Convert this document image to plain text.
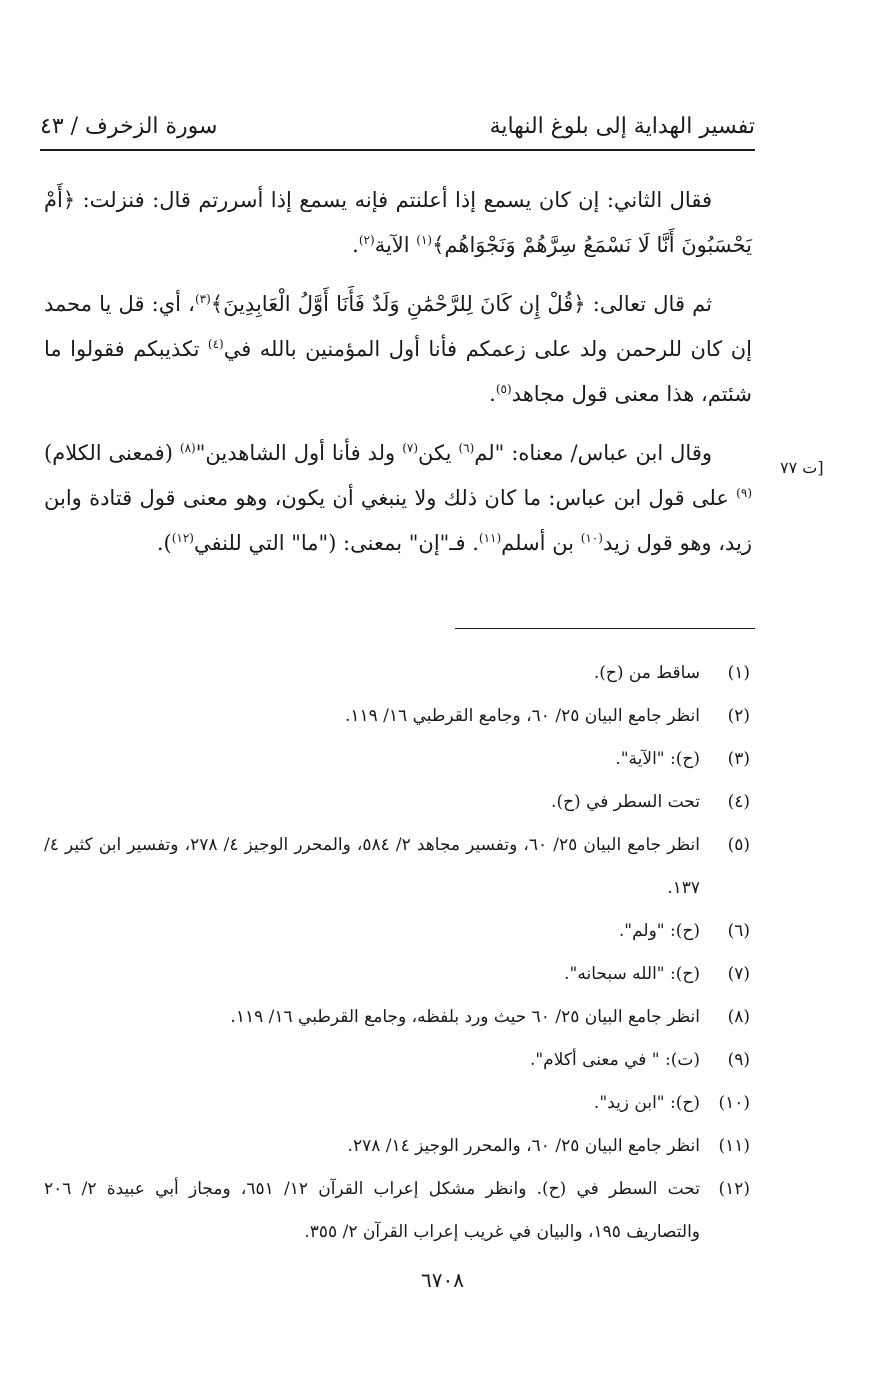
تفسير الهداية إلى بلوغ النهاية
سورة الزخرف / ٤٣
[ت ٧٧

فقال الثاني: إن كان يسمع إذا أعلنتم فإنه يسمع إذا أسررتم قال: فنزلت: ﴿أَمْ يَحْسَبُونَ أَنَّا لَا نَسْمَعُ سِرَّهُمْ وَنَجْوَاهُم﴾$^{(١)}$ الآية$^{(٢)}$.

ثم قال تعالى: ﴿قُلْ إِن كَانَ لِلرَّحْمَٰنِ وَلَدٌ فَأَنَا أَوَّلُ الْعَابِدِينَ﴾$^{(٣)}$، أي: قل يا محمد إن كان للرحمن ولد على زعمكم فأنا أول المؤمنين بالله في$^{(٤)}$ تكذيبكم فقولوا ما شئتم، هذا معنى قول مجاهد$^{(٥)}$.

وقال ابن عباس/ معناه: "لم$^{(٦)}$ يكن$^{(٧)}$ ولد فأنا أول الشاهدين"$^{(٨)}$ (فمعنى الكلام)$^{(٩)}$ على قول ابن عباس: ما كان ذلك ولا ينبغي أن يكون، وهو معنى قول قتادة وابن زيد، وهو قول زيد$^{(١٠)}$ بن أسلم$^{(١١)}$. فـ"إن" بمعنى: ("ما" التي للنفي$^{(١٢)}$).

(١)
ساقط من (ح).
(٢)
انظر جامع البيان ٢٥/ ٦٠، وجامع القرطبي ١٦/ ١١٩.
(٣)
(ح): "الآية".
(٤)
تحت السطر في (ح).
(٥)
انظر جامع البيان ٢٥/ ٦٠، وتفسير مجاهد ٢/ ٥٨٤، والمحرر الوجيز ٤/ ٢٧٨، وتفسير ابن كثير ٤/ ١٣٧.
(٦)
(ح): "ولم".
(٧)
(ح): "الله سبحانه".
(٨)
انظر جامع البيان ٢٥/ ٦٠ حيث ورد بلفظه، وجامع القرطبي ١٦/ ١١٩.
(٩)
(ت): " في معنى أكلام".
(١٠)
(ح): "ابن زيد".
(١١)
انظر جامع البيان ٢٥/ ٦٠، والمحرر الوجيز ١٤/ ٢٧٨.
(١٢)
تحت السطر في (ح). وانظر مشكل إعراب القرآن ١٢/ ٦٥١، ومجاز أبي عبيدة ٢/ ٢٠٦ والتصاريف ١٩٥، والبيان في غريب إعراب القرآن ٢/ ٣٥٥.
٦٧٠٨
